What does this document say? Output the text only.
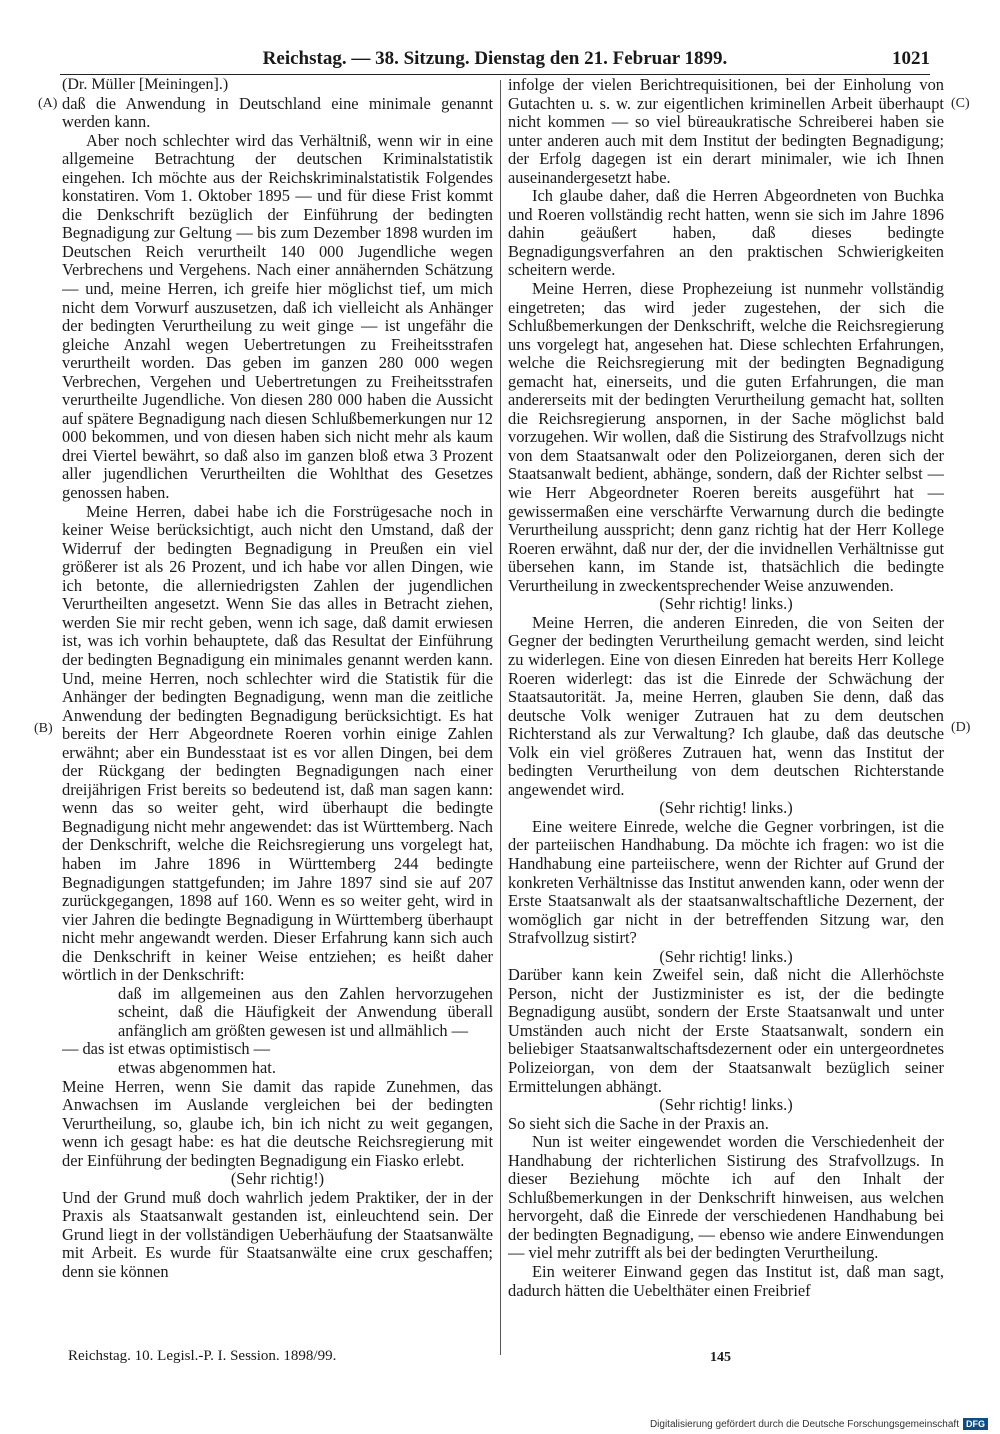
Reichstag. — 38. Sitzung. Dienstag den 21. Februar 1899.	1021
(A)
(B)
(C)
(D)

(Dr. Müller [Meiningen].)

daß die Anwendung in Deutschland eine minimale genannt werden kann.

Aber noch schlechter wird das Verhältniß, wenn wir in eine allgemeine Betrachtung der deutschen Kriminalstatistik eingehen. Ich möchte aus der Reichskriminalstatistik Folgendes konstatiren. Vom 1. Oktober 1895 — und für diese Frist kommt die Denkschrift bezüglich der Einführung der bedingten Begnadigung zur Geltung — bis zum Dezember 1898 wurden im Deutschen Reich verurtheilt 140 000 Jugendliche wegen Verbrechens und Vergehens. Nach einer annähernden Schätzung — und, meine Herren, ich greife hier möglichst tief, um mich nicht dem Vorwurf auszusetzen, daß ich vielleicht als Anhänger der bedingten Verurtheilung zu weit ginge — ist ungefähr die gleiche Anzahl wegen Uebertretungen zu Freiheitsstrafen verurtheilt worden. Das geben im ganzen 280 000 wegen Verbrechen, Vergehen und Uebertretungen zu Freiheitsstrafen verurtheilte Jugendliche. Von diesen 280 000 haben die Aussicht auf spätere Begnadigung nach diesen Schlußbemerkungen nur 12 000 bekommen, und von diesen haben sich nicht mehr als kaum drei Viertel bewährt, so daß also im ganzen bloß etwa 3 Prozent aller jugendlichen Verurtheilten die Wohlthat des Gesetzes genossen haben.

Meine Herren, dabei habe ich die Forstrügesache noch in keiner Weise berücksichtigt, auch nicht den Umstand, daß der Widerruf der bedingten Begnadigung in Preußen ein viel größerer ist als 26 Prozent, und ich habe vor allen Dingen, wie ich betonte, die allerniedrigsten Zahlen der jugendlichen Verurtheilten angesetzt. Wenn Sie das alles in Betracht ziehen, werden Sie mir recht geben, wenn ich sage, daß damit erwiesen ist, was ich vorhin behauptete, daß das Resultat der Einführung der bedingten Begnadigung ein minimales genannt werden kann. Und, meine Herren, noch schlechter wird die Statistik für die Anhänger der bedingten Begnadigung, wenn man die zeitliche Anwendung der bedingten Begnadigung berücksichtigt. Es hat bereits der Herr Abgeordnete Roeren vorhin einige Zahlen erwähnt; aber ein Bundesstaat ist es vor allen Dingen, bei dem der Rückgang der bedingten Begnadigungen nach einer dreijährigen Frist bereits so bedeutend ist, daß man sagen kann: wenn das so weiter geht, wird überhaupt die bedingte Begnadigung nicht mehr angewendet: das ist Württemberg. Nach der Denkschrift, welche die Reichsregierung uns vorgelegt hat, haben im Jahre 1896 in Württemberg 244 bedingte Begnadigungen stattgefunden; im Jahre 1897 sind sie auf 207 zurückgegangen, 1898 auf 160. Wenn es so weiter geht, wird in vier Jahren die bedingte Begnadigung in Württemberg überhaupt nicht mehr angewandt werden. Dieser Erfahrung kann sich auch die Denkschrift in keiner Weise entziehen; es heißt daher wörtlich in der Denkschrift:

daß im allgemeinen aus den Zahlen hervorzugehen scheint, daß die Häufigkeit der Anwendung überall anfänglich am größten gewesen ist und allmählich —

— das ist etwas optimistisch —

etwas abgenommen hat.

Meine Herren, wenn Sie damit das rapide Zunehmen, das Anwachsen im Auslande vergleichen bei der bedingten Verurtheilung, so, glaube ich, bin ich nicht zu weit gegangen, wenn ich gesagt habe: es hat die deutsche Reichsregierung mit der Einführung der bedingten Begnadigung ein Fiasko erlebt.

(Sehr richtig!)

Und der Grund muß doch wahrlich jedem Praktiker, der in der Praxis als Staatsanwalt gestanden ist, einleuchtend sein. Der Grund liegt in der vollständigen Ueberhäufung der Staatsanwälte mit Arbeit. Es wurde für Staatsanwälte eine crux geschaffen; denn sie können

infolge der vielen Berichtrequisitionen, bei der Einholung von Gutachten u. s. w. zur eigentlichen kriminellen Arbeit überhaupt nicht kommen — so viel büreaukratische Schreiberei haben sie unter anderen auch mit dem Institut der bedingten Begnadigung; der Erfolg dagegen ist ein derart minimaler, wie ich Ihnen auseinandergesetzt habe.

Ich glaube daher, daß die Herren Abgeordneten von Buchka und Roeren vollständig recht hatten, wenn sie sich im Jahre 1896 dahin geäußert haben, daß dieses bedingte Begnadigungsverfahren an den praktischen Schwierigkeiten scheitern werde.

Meine Herren, diese Prophezeiung ist nunmehr vollständig eingetreten; das wird jeder zugestehen, der sich die Schlußbemerkungen der Denkschrift, welche die Reichsregierung uns vorgelegt hat, angesehen hat. Diese schlechten Erfahrungen, welche die Reichsregierung mit der bedingten Begnadigung gemacht hat, einerseits, und die guten Erfahrungen, die man andererseits mit der bedingten Verurtheilung gemacht hat, sollten die Reichsregierung anspornen, in der Sache möglichst bald vorzugehen. Wir wollen, daß die Sistirung des Strafvollzugs nicht von dem Staatsanwalt oder den Polizeiorganen, deren sich der Staatsanwalt bedient, abhänge, sondern, daß der Richter selbst — wie Herr Abgeordneter Roeren bereits ausgeführt hat — gewissermaßen eine verschärfte Verwarnung durch die bedingte Verurtheilung ausspricht; denn ganz richtig hat der Herr Kollege Roeren erwähnt, daß nur der, der die invidnellen Verhältnisse gut übersehen kann, im Stande ist, thatsächlich die bedingte Verurtheilung in zweckentsprechender Weise anzuwenden.

(Sehr richtig! links.)

Meine Herren, die anderen Einreden, die von Seiten der Gegner der bedingten Verurtheilung gemacht werden, sind leicht zu widerlegen. Eine von diesen Einreden hat bereits Herr Kollege Roeren widerlegt: das ist die Einrede der Schwächung der Staatsautorität. Ja, meine Herren, glauben Sie denn, daß das deutsche Volk weniger Zutrauen hat zu dem deutschen Richterstand als zur Verwaltung? Ich glaube, daß das deutsche Volk ein viel größeres Zutrauen hat, wenn das Institut der bedingten Verurtheilung von dem deutschen Richterstande angewendet wird.

(Sehr richtig! links.)

Eine weitere Einrede, welche die Gegner vorbringen, ist die der parteiischen Handhabung. Da möchte ich fragen: wo ist die Handhabung eine parteiischere, wenn der Richter auf Grund der konkreten Verhältnisse das Institut anwenden kann, oder wenn der Erste Staatsanwalt als der staatsanwaltschaftliche Dezernent, der womöglich gar nicht in der betreffenden Sitzung war, den Strafvollzug sistirt?

(Sehr richtig! links.)

Darüber kann kein Zweifel sein, daß nicht die Allerhöchste Person, nicht der Justizminister es ist, der die bedingte Begnadigung ausübt, sondern der Erste Staatsanwalt und unter Umständen auch nicht der Erste Staatsanwalt, sondern ein beliebiger Staatsanwaltschaftsdezernent oder ein untergeordnetes Polizeiorgan, von dem der Staatsanwalt bezüglich seiner Ermittelungen abhängt.

(Sehr richtig! links.)

So sieht sich die Sache in der Praxis an.

Nun ist weiter eingewendet worden die Verschiedenheit der Handhabung der richterlichen Sistirung des Strafvollzugs. In dieser Beziehung möchte ich auf den Inhalt der Schlußbemerkungen in der Denkschrift hinweisen, aus welchen hervorgeht, daß die Einrede der verschiedenen Handhabung bei der bedingten Begnadigung, — ebenso wie andere Einwendungen — viel mehr zutrifft als bei der bedingten Verurtheilung.

Ein weiterer Einwand gegen das Institut ist, daß man sagt, dadurch hätten die Uebelthäter einen Freibrief

Reichstag. 10. Legisl.-P. I. Session. 1898/99.	145
Digitalisierung gefördert durch die Deutsche Forschungsgemeinschaft DFG
